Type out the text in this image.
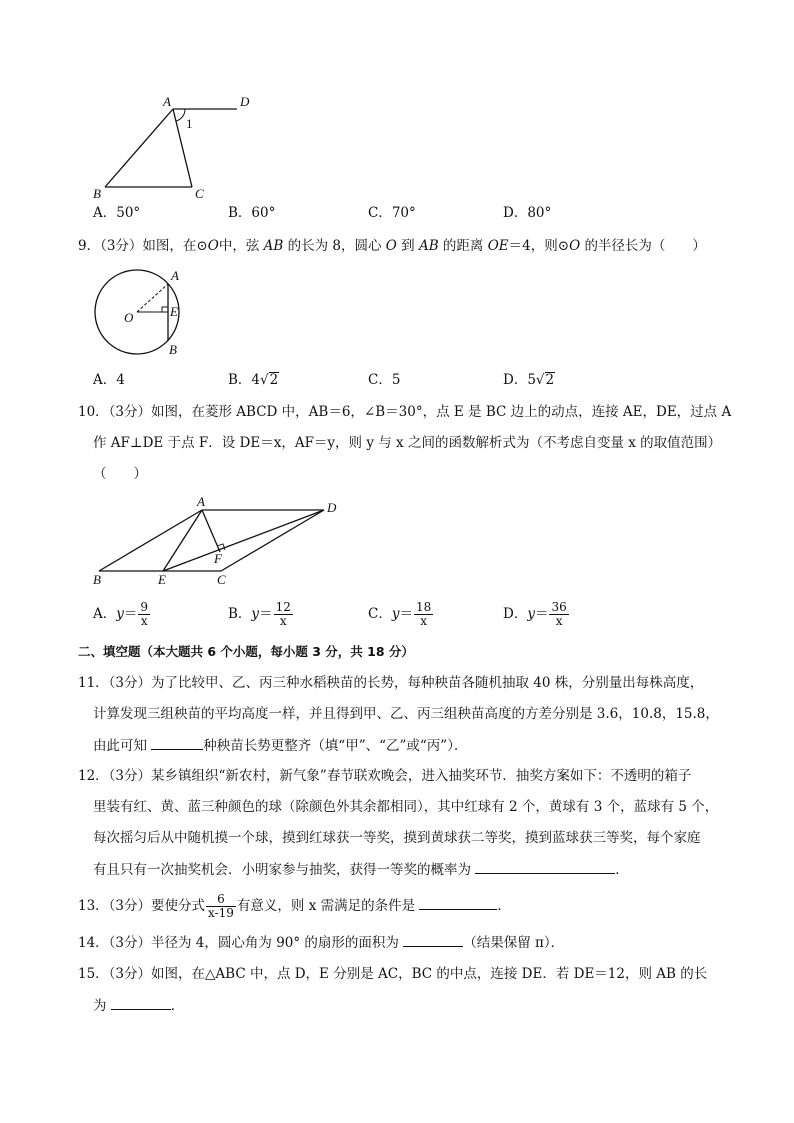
A	D
B	C
1
A．50°	B．60°	C．70°	D．80°
9．（3分）如图，在⊙O中，弦 AB 的长为 8，圆心 O 到 AB 的距离 OE＝4，则⊙O 的半径长为（　　）
A
O	E
B
A．4	B．4√2	C．5	D．5√2
10．（3分）如图，在菱形 ABCD 中，AB＝6，∠B＝30°，点 E 是 BC 边上的动点，连接 AE，DE，过点 A
作 AF⊥DE 于点 F．设 DE＝x，AF＝y，则 y 与 x 之间的函数解析式为（不考虑自变量 x 的取值范围）
（　　）
A	D
B	E	C
F
A．$y= \frac{9}{x}$	B．$y= \frac{12}{x}$	C．$y= \frac{18}{x}$	D．$y= \frac{36}{x}$
二、填空题（本大题共 6 个小题，每小题 3 分，共 18 分）
11．（3分）为了比较甲、乙、丙三种水稻秧苗的长势，每种秧苗各随机抽取 40 株，分别量出每株高度，
计算发现三组秧苗的平均高度一样，并且得到甲、乙、丙三组秧苗高度的方差分别是 3.6，10.8，15.8，
由此可知	种秧苗长势更整齐（填“甲”、“乙”或“丙”）．
12．（3分）某乡镇组织“新农村，新气象”春节联欢晚会，进入抽奖环节．抽奖方案如下：不透明的箱子
里装有红、黄、蓝三种颜色的球（除颜色外其余都相同），其中红球有 2 个，黄球有 3 个，蓝球有 5 个，
每次摇匀后从中随机摸一个球，摸到红球获一等奖，摸到黄球获二等奖，摸到蓝球获三等奖，每个家庭
有且只有一次抽奖机会．小明家参与抽奖，获得一等奖的概率为	．
13．（3分）要使分式 $\frac{6}{x-19}$ 有意义，则 x 需满足的条件是	．
14．（3分）半径为 4，圆心角为 90° 的扇形的面积为	（结果保留 π）．
15．（3分）如图，在△ABC 中，点 D，E 分别是 AC，BC 的中点，连接 DE．若 DE＝12，则 AB 的长
为	．
